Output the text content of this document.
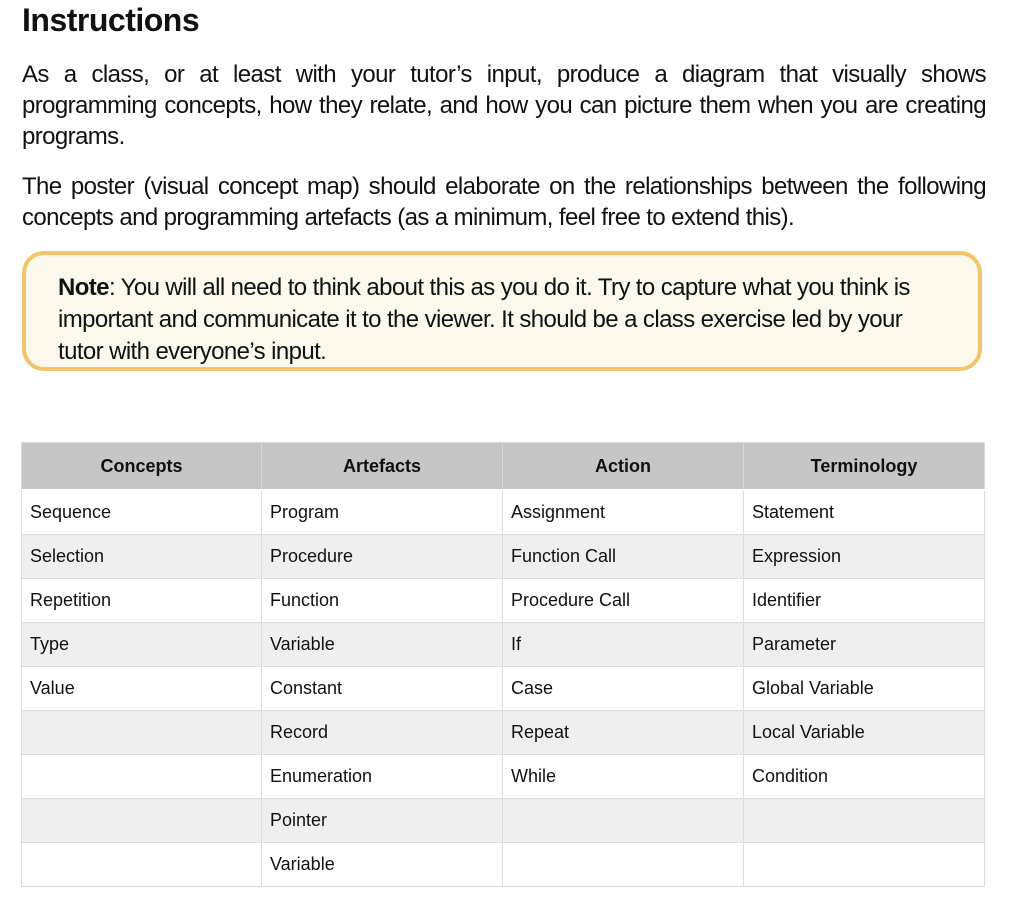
Instructions
As a class, or at least with your tutor’s input, produce a diagram that visually shows programming concepts, how they relate, and how you can picture them when you are creating programs.
The poster (visual concept map) should elaborate on the relationships between the following concepts and programming artefacts (as a minimum, feel free to extend this).
Note: You will all need to think about this as you do it. Try to capture what you think is important and communicate it to the viewer. It should be a class exercise led by your tutor with everyone’s input.
Concepts	Artefacts	Action	Terminology
Sequence	Program	Assignment	Statement
Selection	Procedure	Function Call	Expression
Repetition	Function	Procedure Call	Identifier
Type	Variable	If	Parameter
Value	Constant	Case	Global Variable
	Record	Repeat	Local Variable
	Enumeration	While	Condition
	Pointer		
	Variable		
